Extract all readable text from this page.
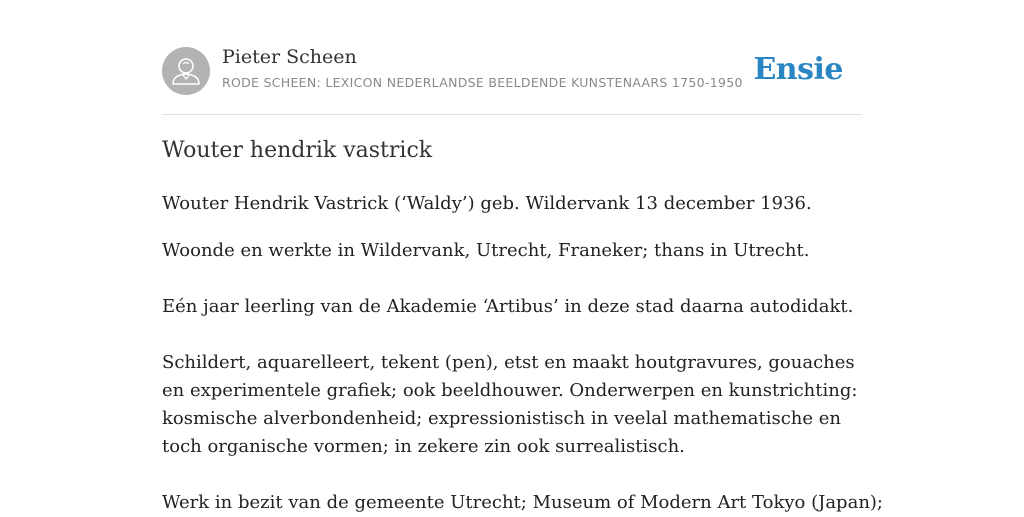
Pieter Scheen
RODE SCHEEN: LEXICON NEDERLANDSE BEELDENDE KUNSTENAARS 1750-1950 Ensie
Wouter hendrik vastrick

Wouter Hendrik Vastrick (‘Waldy’) geb. Wildervank 13 december 1936.

Woonde en werkte in Wildervank, Utrecht, Franeker; thans in Utrecht.

Eén jaar leerling van de Akademie ‘Artibus’ in deze stad daarna autodidakt.

Schildert, aquarelleert, tekent (pen), etst en maakt houtgravures, gouaches en experimentele grafiek; ook beeldhouwer. Onderwerpen en kunstrichting: kosmische alverbondenheid; expressionistisch in veelal mathematische en toch organische vormen; in zekere zin ook surrealistisch.

Werk in bezit van de gemeente Utrecht; Museum of Modern Art Tokyo (Japan);
